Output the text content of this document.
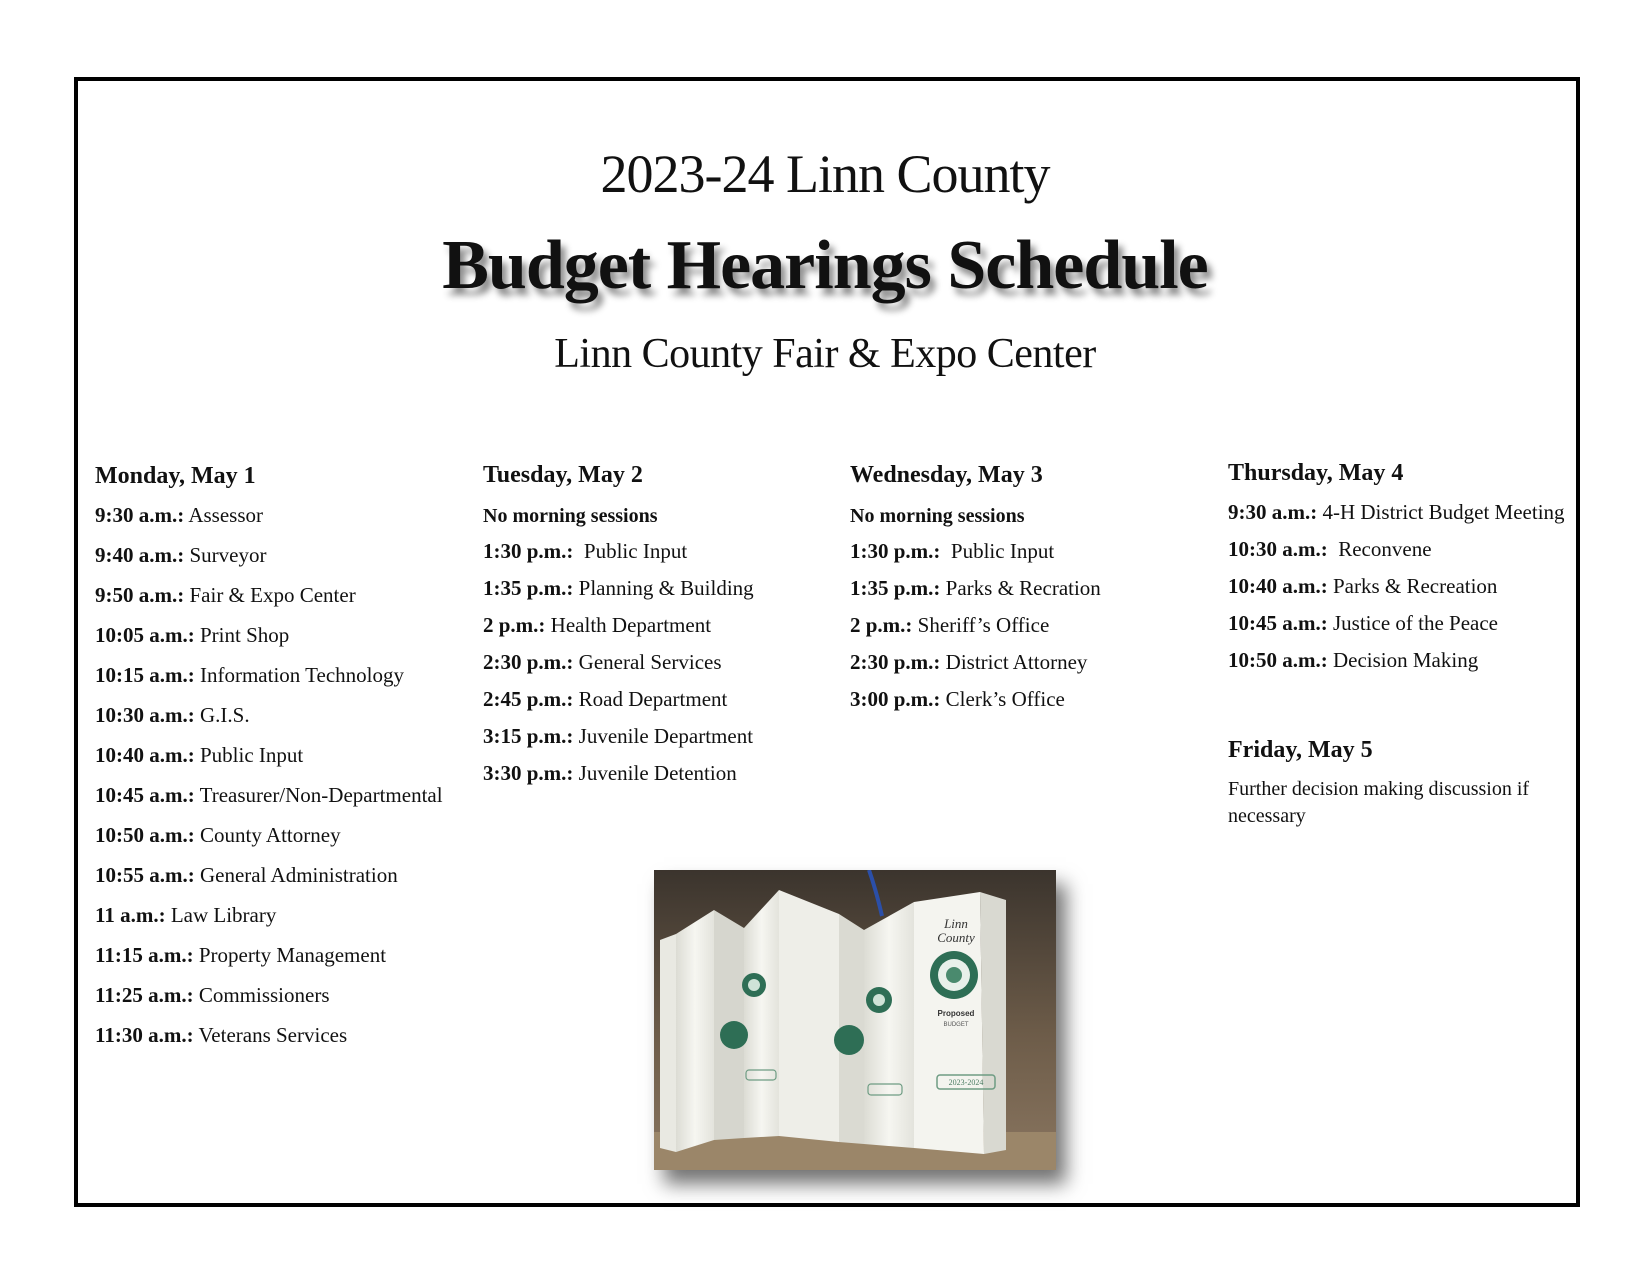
2023-24 Linn County
Budget Hearings Schedule
Linn County Fair & Expo Center
Monday, May 1
9:30 a.m.: Assessor
9:40 a.m.: Surveyor
9:50 a.m.: Fair & Expo Center
10:05 a.m.: Print Shop
10:15 a.m.: Information Technology
10:30 a.m.: G.I.S.
10:40 a.m.: Public Input
10:45 a.m.: Treasurer/Non-Departmental
10:50 a.m.: County Attorney
10:55 a.m.: General Administration
11 a.m.: Law Library
11:15 a.m.: Property Management
11:25 a.m.: Commissioners
11:30 a.m.: Veterans Services
Tuesday, May 2
No morning sessions
1:30 p.m.:  Public Input
1:35 p.m.: Planning & Building
2 p.m.: Health Department
2:30 p.m.: General Services
2:45 p.m.: Road Department
3:15 p.m.: Juvenile Department
3:30 p.m.: Juvenile Detention
Wednesday, May 3
No morning sessions
1:30 p.m.:  Public Input
1:35 p.m.: Parks & Recration
2 p.m.: Sheriff’s Office
2:30 p.m.: District Attorney
3:00 p.m.: Clerk’s Office
Thursday, May 4
9:30 a.m.: 4-H District Budget Meeting
10:30 a.m.:  Reconvene
10:40 a.m.: Parks & Recreation
10:45 a.m.: Justice of the Peace
10:50 a.m.: Decision Making
Friday, May 5
Further decision making discussion if necessary
Linn
County
Proposed
BUDGET
2023-2024
